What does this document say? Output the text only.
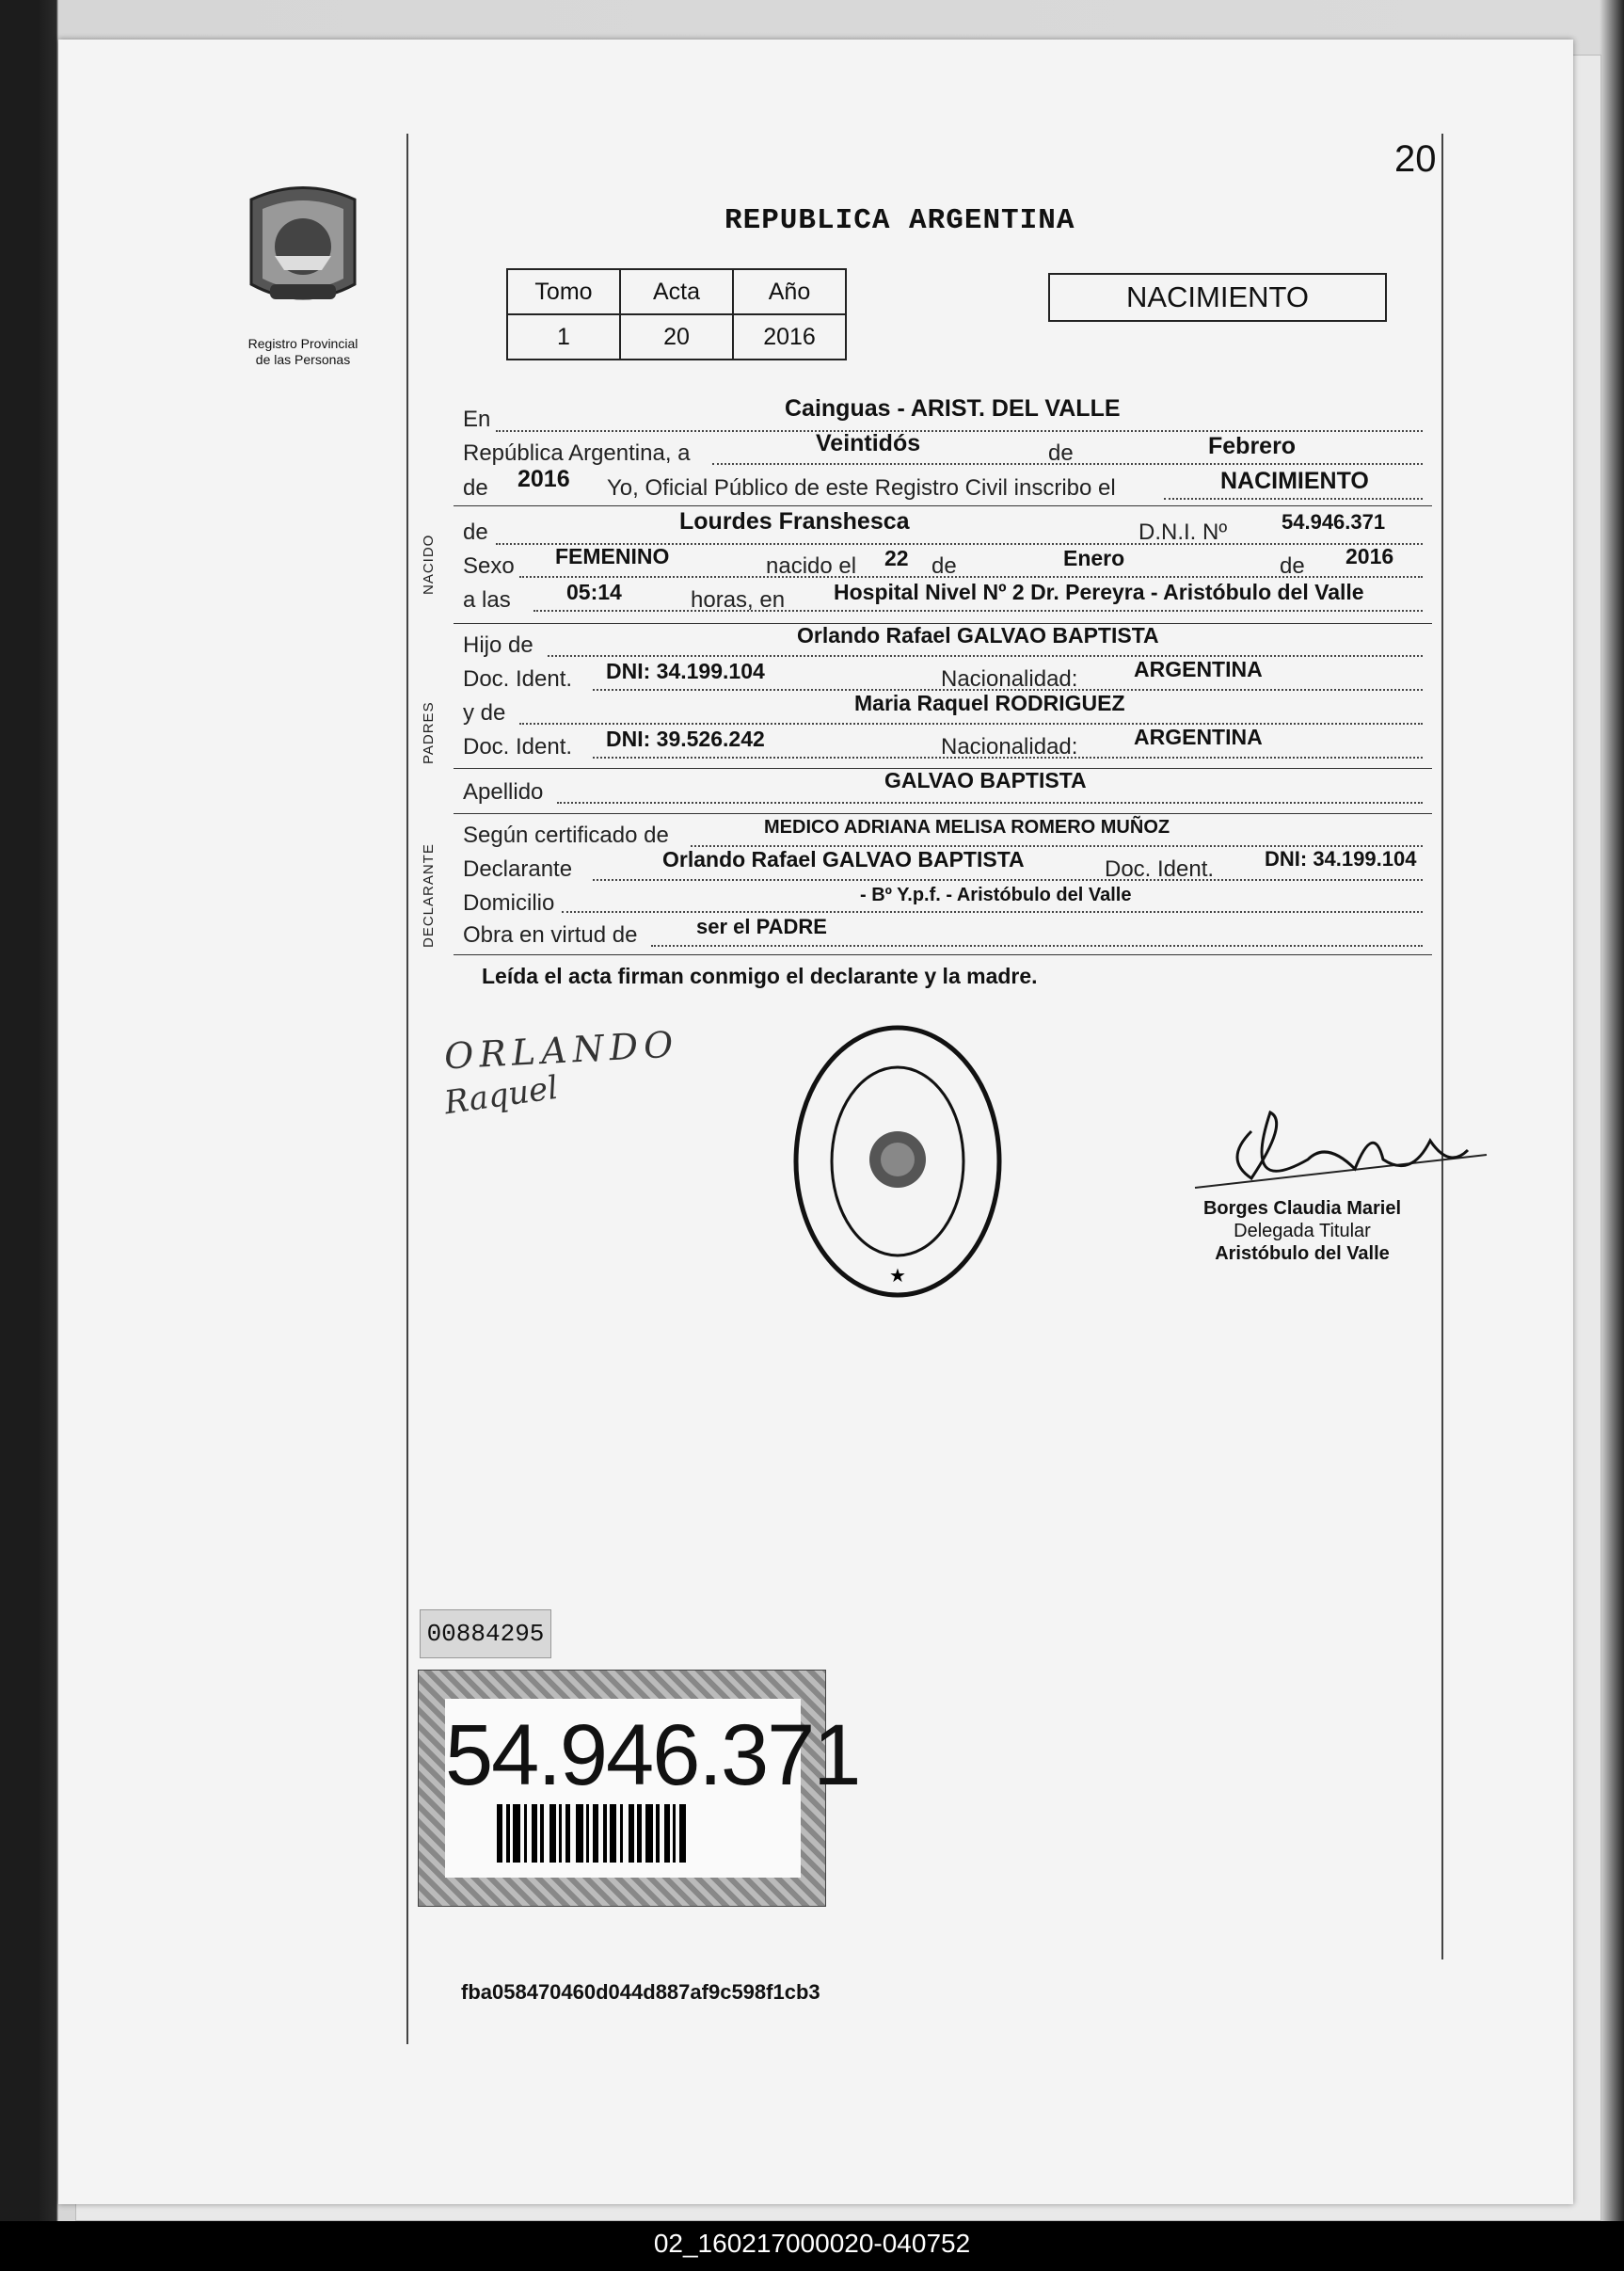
Registro Provincial
de las Personas
20
REPUBLICA ARGENTINA
Tomo	Acta	Año
1	20	2016
NACIMIENTO
En	Cainguas - ARIST. DEL VALLE
República Argentina, a	Veintidós	de	Febrero
de 2016 Yo, Oficial Público de este Registro Civil inscribo el	NACIMIENTO
NACIDO
de	Lourdes Franshesca	D.N.I. Nº	54.946.371
Sexo FEMENINO	nacido el 22 de	Enero	de 2016
a las	05:14	horas, en Hospital Nivel Nº 2 Dr. Pereyra - Aristóbulo del Valle
PADRES
Hijo de	Orlando Rafael GALVAO BAPTISTA
Doc. Ident. DNI: 34.199.104	Nacionalidad:	ARGENTINA
y de	Maria Raquel RODRIGUEZ
Doc. Ident. DNI: 39.526.242	Nacionalidad:	ARGENTINA
Apellido	GALVAO BAPTISTA
DECLARANTE
Según certificado de	MEDICO ADRIANA MELISA ROMERO MUÑOZ
Declarante	Orlando Rafael GALVAO BAPTISTA	Doc. Ident. DNI: 34.199.104
Domicilio	- Bº Y.p.f. - Aristóbulo del Valle
Obra en virtud de	ser el PADRE
Leída el acta firman conmigo el declarante y la madre.
ORLANDO
Raquel
★
Borges Claudia Mariel
Delegada Titular
Aristóbulo del Valle
00884295
54.946.371
fba058470460d044d887af9c598f1cb3
02_160217000020-040752
